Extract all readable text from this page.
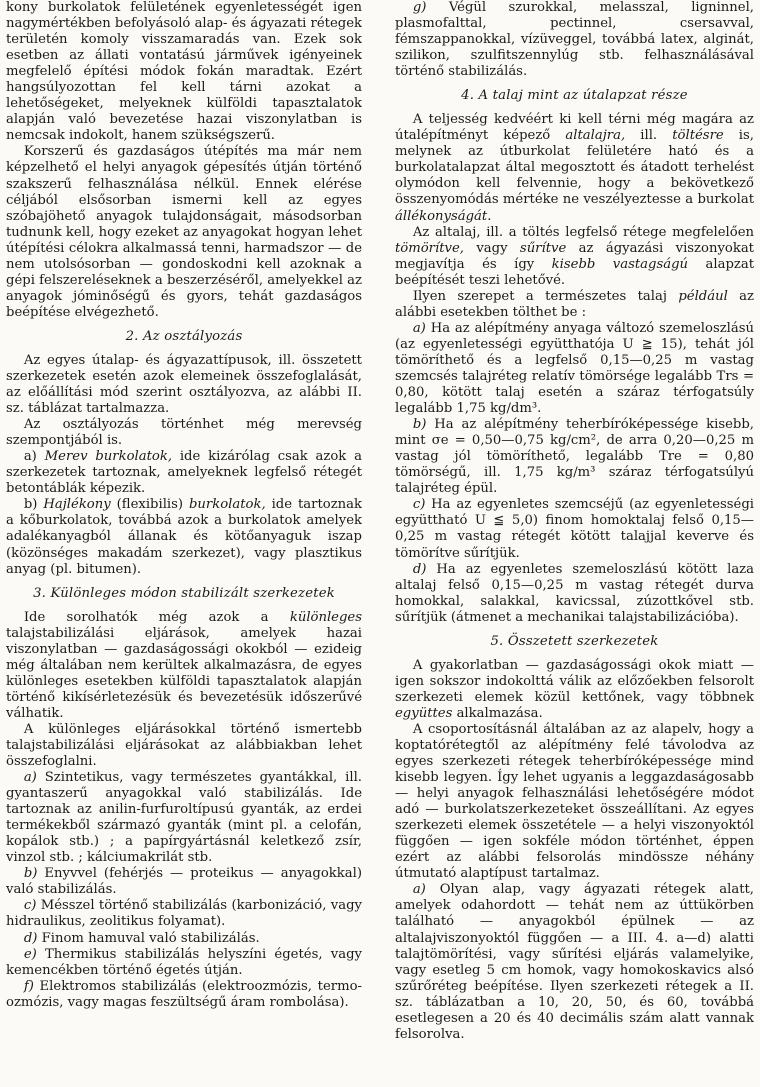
kony burkolatok felületének egyenletességét igen nagymértékben befolyásoló alap- és ágyazati rétegek területén komoly visszamaradás van. Ezek sok esetben az állati vontatású járművek igényeinek megfelelő építési módok fokán maradtak. Ezért hangsúlyozottan fel kell tárni azokat a lehetőségeket, melyeknek külföldi tapasztalatok alapján való bevezetése hazai viszonylatban is nemcsak indokolt, hanem szükségszerű.

Korszerű és gazdaságos útépítés ma már nem képzelhető el helyi anyagok gépesítés útján történő szakszerű felhasználása nélkül. Ennek elérése céljából elsősorban ismerni kell az egyes szóbajöhető anyagok tulajdonságait, másodsorban tudnunk kell, hogy ezeket az anyagokat hogyan lehet útépítési célokra alkalmassá tenni, harmadszor — de nem utolsósorban — gondoskodni kell azoknak a gépi felszereléseknek a beszerzéséről, amelyekkel az anyagok jóminőségű és gyors, tehát gazdaságos beépítése elvégezhető.

2. Az osztályozás

Az egyes útalap- és ágyazattípusok, ill. összetett szerkezetek esetén azok elemeinek összefoglalását, az előállítási mód szerint osztályozva, az alábbi II. sz. táblázat tartalmazza.

Az osztályozás történhet még merevség szempontjából is.

a) Merev burkolatok, ide kizárólag csak azok a szerkezetek tartoznak, amelyeknek legfelső rétegét betontáblák képezik.

b) Hajlékony (flexibilis) burkolatok, ide tartoznak a kőburkolatok, továbbá azok a burkolatok amelyek adalékanyagból állanak és kötőanyaguk iszap (közönséges makadám szerkezet), vagy plasztikus anyag (pl. bitumen).

3. Különleges módon stabilizált szerkezetek

Ide sorolhatók még azok a különleges talajstabilizálási eljárások, amelyek hazai viszonylatban — gazdaságossági okokból — ezideig még általában nem kerültek alkalmazásra, de egyes különleges esetekben külföldi tapasztalatok alapján történő kikísérletezésük és bevezetésük időszerűvé válhatik.

A különleges eljárásokkal történő ismertebb talajstabilizálási eljárásokat az alábbiakban lehet összefoglalni.

a) Szintetikus, vagy természetes gyantákkal, ill. gyantaszerű anyagokkal való stabilizálás. Ide tartoznak az anilin-furfuroltípusú gyanták, az erdei termékekből származó gyanták (mint pl. a celofán, kopálok stb.) ; a papírgyártásnál keletkező zsír, vinzol stb. ; kálciumakrilát stb.

b) Enyvvel (fehérjés — proteikus — anyagokkal) való stabilizálás.

c) Mésszel történő stabilizálás (karbonizáció, vagy hidraulikus, zeolitikus folyamat).

d) Finom hamuval való stabilizálás.

e) Thermikus stabilizálás helyszíni égetés, vagy kemencékben történő égetés útján.

f) Elektromos stabilizálás (elektroozmózis, termo-ozmózis, vagy magas feszültségű áram rombolása).

g) Végül szurokkal, melasszal, ligninnel, plasmofalttal, pectinnel, csersavval, fémszappanokkal, vízüveggel, továbbá latex, alginát, szilikon, szulfitszennylúg stb. felhasználásával történő stabilizálás.

4. A talaj mint az útalapzat része

A teljesség kedvéért ki kell térni még magára az útalépítményt képező altalajra, ill. töltésre is, melynek az útburkolat felületére ható és a burkolatalapzat által megosztott és átadott terhelést olymódon kell felvennie, hogy a bekövetkező összenyomódás mértéke ne veszélyeztesse a burkolat állékonyságát.

Az altalaj, ill. a töltés legfelső rétege megfelelően tömörítve, vagy sűrítve az ágyazási viszonyokat megjavítja és így kisebb vastagságú alapzat beépítését teszi lehetővé.

Ilyen szerepet a természetes talaj például az alábbi esetekben tölthet be :

a) Ha az alépítmény anyaga változó szemeloszlású (az egyenletességi együtthatója U ≧ 15), tehát jól tömöríthető és a legfelső 0,15—0,25 m vastag szemcsés talajréteg relatív tömörsége legalább Trs = 0,80, kötött talaj esetén a száraz térfogatsúly legalább 1,75 kg/dm³.

b) Ha az alépítmény teherbíróképessége kisebb, mint σe = 0,50—0,75 kg/cm², de arra 0,20—0,25 m vastag jól tömöríthető, legalább Tre = 0,80 tömörségű, ill. 1,75 kg/m³ száraz térfogatsúlyú talajréteg épül.

c) Ha az egyenletes szemcséjű (az egyenletességi együttható U ≦ 5,0) finom homoktalaj felső 0,15—0,25 m vastag rétegét kötött talajjal keverve és tömörítve sűrítjük.

d) Ha az egyenletes szemeloszlású kötött laza altalaj felső 0,15—0,25 m vastag rétegét durva homokkal, salakkal, kavicssal, zúzottkővel stb. sűrítjük (átmenet a mechanikai talajstabilizációba).

5. Összetett szerkezetek

A gyakorlatban — gazdaságossági okok miatt — igen sokszor indokolttá válik az előzőekben felsorolt szerkezeti elemek közül kettőnek, vagy többnek együttes alkalmazása.

A csoportosításnál általában az az alapelv, hogy a koptatórétegtől az alépítmény felé távolodva az egyes szerkezeti rétegek teherbíróképessége mind kisebb legyen. Így lehet ugyanis a leggazdaságosabb — helyi anyagok felhasználási lehetőségére módot adó — burkolatszerkezeteket összeállítani. Az egyes szerkezeti elemek összetétele — a helyi viszonyoktól függően — igen sokféle módon történhet, éppen ezért az alábbi felsorolás mindössze néhány útmutató alaptípust tartalmaz.

a) Olyan alap, vagy ágyazati rétegek alatt, amelyek odahordott — tehát nem az úttükörben található — anyagokból épülnek — az altalajviszonyoktól függően — a III. 4. a—d) alatti talajtömörítési, vagy sűrítési eljárás valamelyike, vagy esetleg 5 cm homok, vagy homokoskavics alsó szűrőréteg beépítése. Ilyen szerkezeti rétegek a II. sz. táblázatban a 10, 20, 50, és 60, továbbá esetlegesen a 20 és 40 decimális szám alatt vannak felsorolva.
